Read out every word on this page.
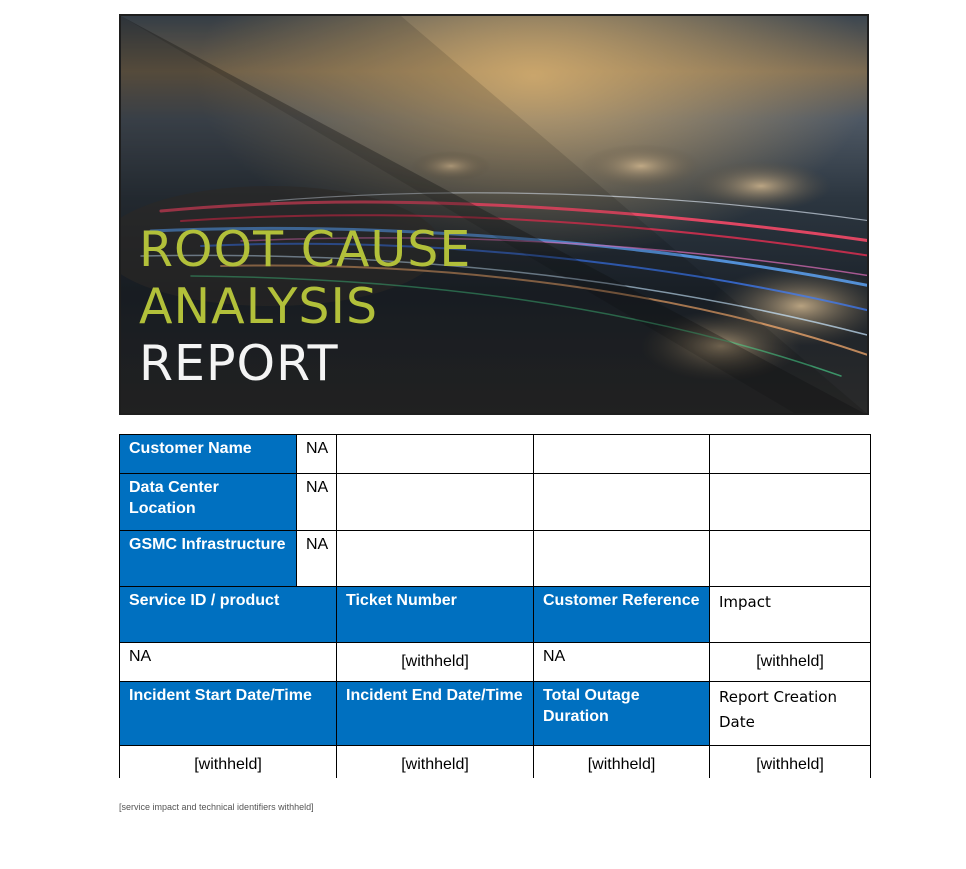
ROOT CAUSE
ANALYSIS
REPORT
Customer Name	NA			
Data Center Location	NA			
GSMC Infrastructure	NA			
Service ID / product		Ticket Number	Customer Reference	Impact
NA		[withheld]	NA	[withheld]
Incident Start Date/Time		Incident End Date/Time	Total Outage Duration	Report Creation Date
[withheld]		[withheld]	[withheld]	[withheld]

[service impact and technical identifiers withheld]
